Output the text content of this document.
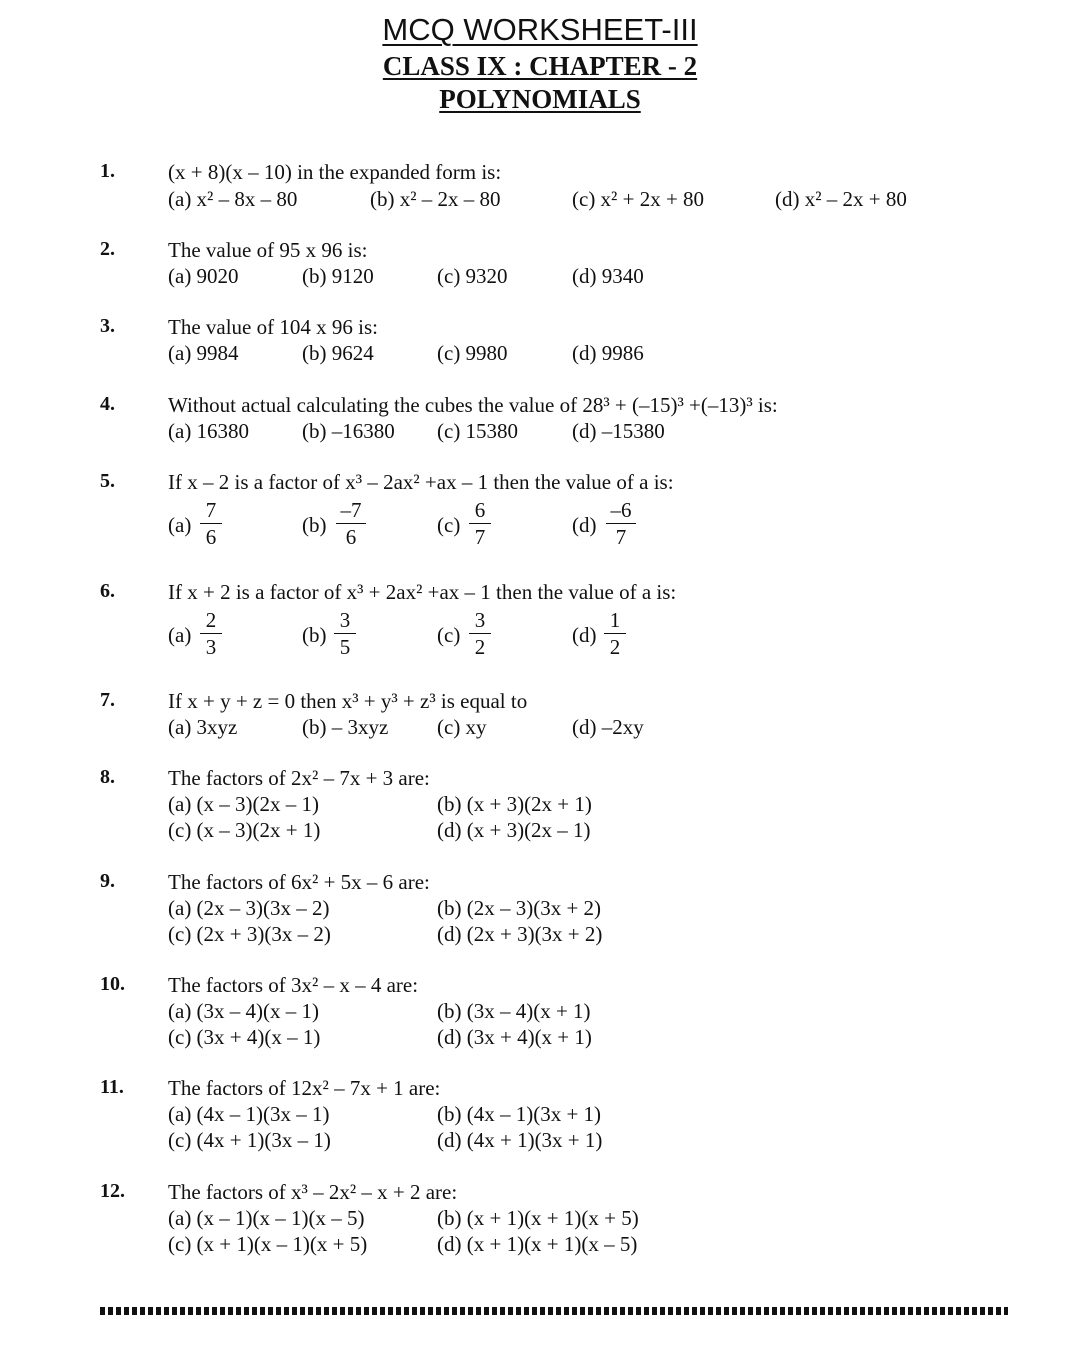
MCQ WORKSHEET-III
CLASS IX : CHAPTER - 2
POLYNOMIALS
1.	(x + 8)(x – 10) in the expanded form is:
(a) x² – 8x – 80	(b) x² – 2x – 80	(c) x² + 2x + 80	(d) x² – 2x + 80
2.	The value of 95 x 96 is:
(a) 9020	(b) 9120	(c) 9320	(d) 9340
3.	The value of 104 x 96 is:
(a) 9984	(b) 9624	(c) 9980	(d) 9986
4.	Without actual calculating the cubes the value of 28³ + (–15)³ +(–13)³ is:
(a) 16380	(b) –16380 (c) 15380	(d) –15380
5.	If x – 2 is a factor of x³ – 2ax² +ax – 1 then the value of a is:
(a)
7
6	(b)
–7
6	(c)
6
7	(d)
–6
7
6.	If x + 2 is a factor of x³ + 2ax² +ax – 1 then the value of a is:
(a)
2
3	(b)
3
5	(c)
3
2	(d)
1
2
7.	If x + y + z = 0 then x³ + y³ + z³ is equal to
(a) 3xyz	(b) – 3xyz (c) xy	(d) –2xy
8.	The factors of 2x² – 7x + 3 are:
(a) (x – 3)(2x – 1)	(b) (x + 3)(2x + 1)
(c) (x – 3)(2x + 1)	(d) (x + 3)(2x – 1)
9.	The factors of 6x² + 5x – 6 are:
(a) (2x – 3)(3x – 2)	(b) (2x – 3)(3x + 2)
(c) (2x + 3)(3x – 2)	(d) (2x + 3)(3x + 2)
10. The factors of 3x² – x – 4 are:
(a) (3x – 4)(x – 1)	(b) (3x – 4)(x + 1)
(c) (3x + 4)(x – 1)	(d) (3x + 4)(x + 1)
11. The factors of 12x² – 7x + 1 are:
(a) (4x – 1)(3x – 1)	(b) (4x – 1)(3x + 1)
(c) (4x + 1)(3x – 1)	(d) (4x + 1)(3x + 1)
12. The factors of x³ – 2x² – x + 2 are:
(a) (x – 1)(x – 1)(x – 5)	(b) (x + 1)(x + 1)(x + 5)
(c) (x + 1)(x – 1)(x + 5)	(d) (x + 1)(x + 1)(x – 5)
